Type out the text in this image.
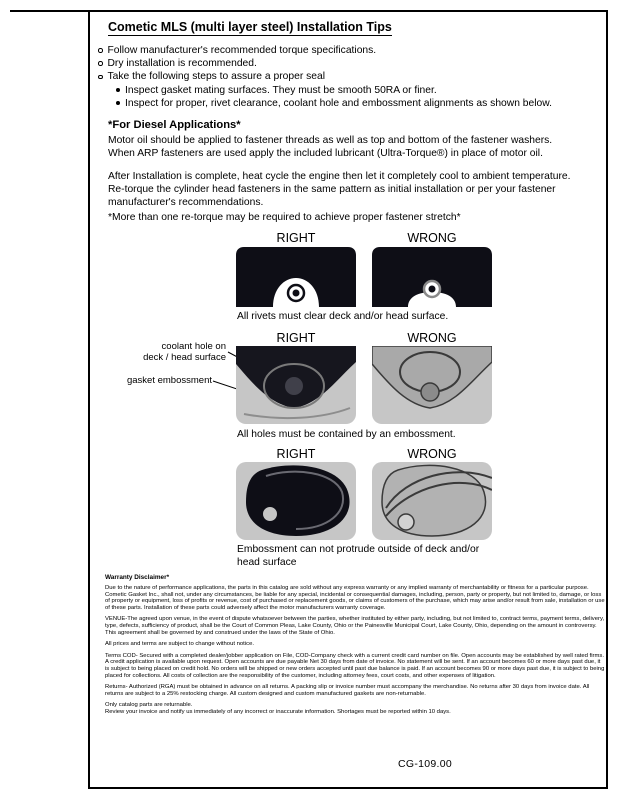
Cometic MLS (multi layer steel) Installation Tips
Follow manufacturer's recommended torque specifications.
Dry installation is recommended.
Take the following steps to assure a proper seal
Inspect gasket mating surfaces. They must be smooth 50RA or finer.
Inspect for proper, rivet clearance, coolant hole and embossment alignments as shown below.
*For Diesel Applications*
Motor oil should be applied to fastener threads as well as top and bottom of the fastener washers. When ARP fasteners are used apply the included lubricant (Ultra-Torque®) in place of motor oil.
After Installation is complete, heat cycle the engine then let it completely cool to ambient temperature. Re-torque the cylinder head fasteners in the same pattern as initial installation or per your fastener manufacturer's recommendations.
*More than one re-torque may be required to achieve proper fastener stretch*
RIGHT	WRONG
All rivets must clear deck and/or head surface.
RIGHT	WRONG
coolant hole on
deck / head surface
gasket embossment
All holes must be contained by an embossment.
RIGHT	WRONG
Embossment can not protrude outside of deck and/or head surface
Warranty Disclaimer*
Due to the nature of performance applications, the parts in this catalog are sold without any express warranty or any implied warranty of merchantability or fitness for a particular purpose. Cometic Gasket Inc., shall not, under any circumstances, be liable for any special, incidental or consequential damages, including, person, party or property, but not limited to, damage, or loss of property or equipment, loss of profits or revenue, cost of purchased or replacement goods, or claims of customers of the purchase, which may arise and/or result from sale, installation or use of these parts. Installation of these parts could adversely affect the motor manufacturers warranty coverage.
VENUE-The agreed upon venue, in the event of dispute whatsoever between the parties, whether instituted by either party, including, but not limited to, contract terms, payment terms, delivery, type, defects, sufficiency of product, shall be the Court of Common Pleas, Lake County, Ohio or the Painesville Municipal Court, Lake County, Ohio, depending on the amount in controversy.
This agreement shall be governed by and construed under the laws of the State of Ohio.
All prices and terms are subject to change without notice.
Terms COD- Secured with a completed dealer/jobber application on File, COD-Company check with a current credit card number on file. Open accounts may be established by well rated firms. A credit application is available upon request. Open accounts are due payable Net 30 days from date of invoice. No statement will be sent. If an account becomes 60 or more days past due, it is subject to being placed on credit hold. No orders will be shipped or new orders accepted until past due balance is paid. If an account becomes 90 or more days past due, it is subject to being placed for collections. All costs of collection are the responsibility of the customer, including attorney fees, court costs, and other expenses of litigation.
Returns- Authorized (RGA) must be obtained in advance on all returns. A packing slip or invoice number must accompany the merchandise. No returns after 30 days from invoice date. All returns are subject to a 25% restocking charge. All custom designed and custom manufactured gaskets are non-returnable.
Only catalog parts are returnable.
Review your invoice and notify us immediately of any incorrect or inaccurate information. Shortages must be reported within 10 days.
CG-109.00
